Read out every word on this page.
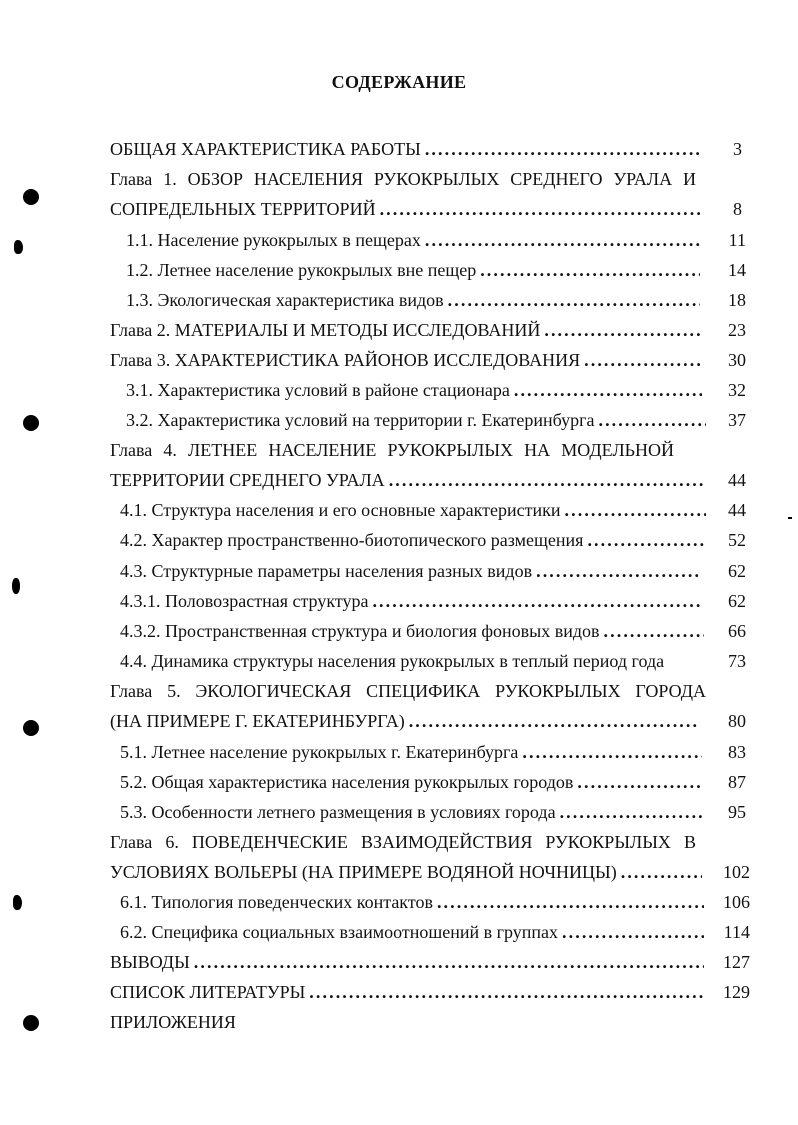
СОДЕРЖАНИЕ
ОБЩАЯ ХАРАКТЕРИСТИКА РАБОТЫ . . .	3
Глава 1. ОБЗОР НАСЕЛЕНИЯ РУКОКРЫЛЫХ СРЕДНЕГО УРАЛА И
СОПРЕДЕЛЬНЫХ ТЕРРИТОРИЙ . . .	8
1.1. Население рукокрылых в пещерах . . .	11
1.2. Летнее население рукокрылых вне пещер . . .	14
1.3. Экологическая характеристика видов . . .	18
Глава 2. МАТЕРИАЛЫ И МЕТОДЫ ИССЛЕДОВАНИЙ . . .	23
Глава 3. ХАРАКТЕРИСТИКА РАЙОНОВ ИССЛЕДОВАНИЯ . . .	30
3.1. Характеристика условий в районе стационара . . .	32
3.2. Характеристика условий на территории г. Екатеринбурга . . .	37
Глава 4. ЛЕТНЕЕ НАСЕЛЕНИЕ РУКОКРЫЛЫХ НА МОДЕЛЬНОЙ
ТЕРРИТОРИИ СРЕДНЕГО УРАЛА . . .	44
4.1. Структура населения и его основные характеристики . . .	44
4.2. Характер пространственно-биотопического размещения . . .	52
4.3. Структурные параметры населения разных видов . . .	62
4.3.1. Половозрастная структура . . .	62
4.3.2. Пространственная структура и биология фоновых видов . . .	66
4.4. Динамика структуры населения рукокрылых в теплый период года	73
Глава 5. ЭКОЛОГИЧЕСКАЯ СПЕЦИФИКА РУКОКРЫЛЫХ ГОРОДА
(НА ПРИМЕРЕ Г. ЕКАТЕРИНБУРГА) . . .	80
5.1. Летнее население рукокрылых г. Екатеринбурга . . .	83
5.2. Общая характеристика населения рукокрылых городов . . .	87
5.3. Особенности летнего размещения в условиях города . . .	95
Глава 6. ПОВЕДЕНЧЕСКИЕ ВЗАИМОДЕЙСТВИЯ РУКОКРЫЛЫХ В
УСЛОВИЯХ ВОЛЬЕРЫ (НА ПРИМЕРЕ ВОДЯНОЙ НОЧНИЦЫ) . . .	102
6.1. Типология поведенческих контактов . . .	106
6.2. Специфика социальных взаимоотношений в группах . . .	114
ВЫВОДЫ . . .	127
СПИСОК ЛИТЕРАТУРЫ . . .	129
ПРИЛОЖЕНИЯ
